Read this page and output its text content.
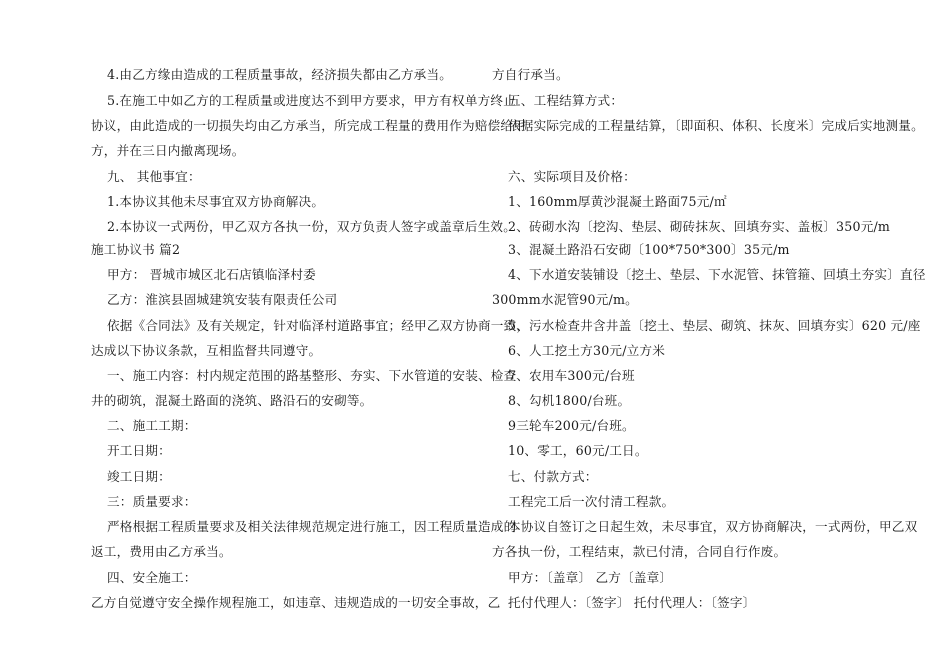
4.由乙方缘由造成的工程质量事故，经济损失都由乙方承当。
5.在施工中如乙方的工程质量或进度达不到甲方要求，甲方有权单方终止
协议，由此造成的一切损失均由乙方承当，所完成工程量的费用作为赔偿给甲
方，并在三日内撤离现场。
九、 其他事宜：
1.本协议其他未尽事宜双方协商解决。
2.本协议一式两份，甲乙双方各执一份，双方负责人签字或盖章后生效。
施工协议书 篇2
甲方： 晋城市城区北石店镇临泽村委
乙方：淮滨县固城建筑安装有限责任公司
依据《合同法》及有关规定，针对临泽村道路事宜；经甲乙双方协商一致，
达成以下协议条款，互相监督共同遵守。
一、施工内容：村内规定范围的路基整形、夯实、下水管道的安装、检查
井的砌筑，混凝土路面的浇筑、路沿石的安砌等。
二、施工工期：
开工日期：
竣工日期：
三：质量要求：
严格根据工程质量要求及相关法律规范规定进行施工，因工程质量造成的
返工，费用由乙方承当。
四、安全施工：
乙方自觉遵守安全操作规程施工，如违章、违规造成的一切安全事故，乙
方自行承当。
五、工程结算方式：
依据实际完成的工程量结算，〔即面积、体积、长度米〕完成后实地测量。
六、实际项目及价格：
1、160mm厚黄沙混凝土路面75元/㎡
2、砖砌水沟〔挖沟、垫层、砌砖抹灰、回填夯实、盖板〕350元/m
3、混凝土路沿石安砌〔100*750*300〕35元/m
4、下水道安装铺设〔挖土、垫层、下水泥管、抹管箍、回填土夯实〕直径
300mm水泥管90元/m。
5、污水检查井含井盖〔挖土、垫层、砌筑、抹灰、回填夯实〕620 元/座
6、人工挖土方30元/立方米
7、农用车300元/台班
8、勾机1800/台班。
9三轮车200元/台班。
10、零工，60元/工日。
七、付款方式：
工程完工后一次付清工程款。
本协议自签订之日起生效，未尽事宜，双方协商解决，一式两份，甲乙双
方各执一份，工程结束，款已付清，合同自行作废。
甲方：〔盖章〕 乙方〔盖章〕
托付代理人：〔签字〕 托付代理人：〔签字〕
